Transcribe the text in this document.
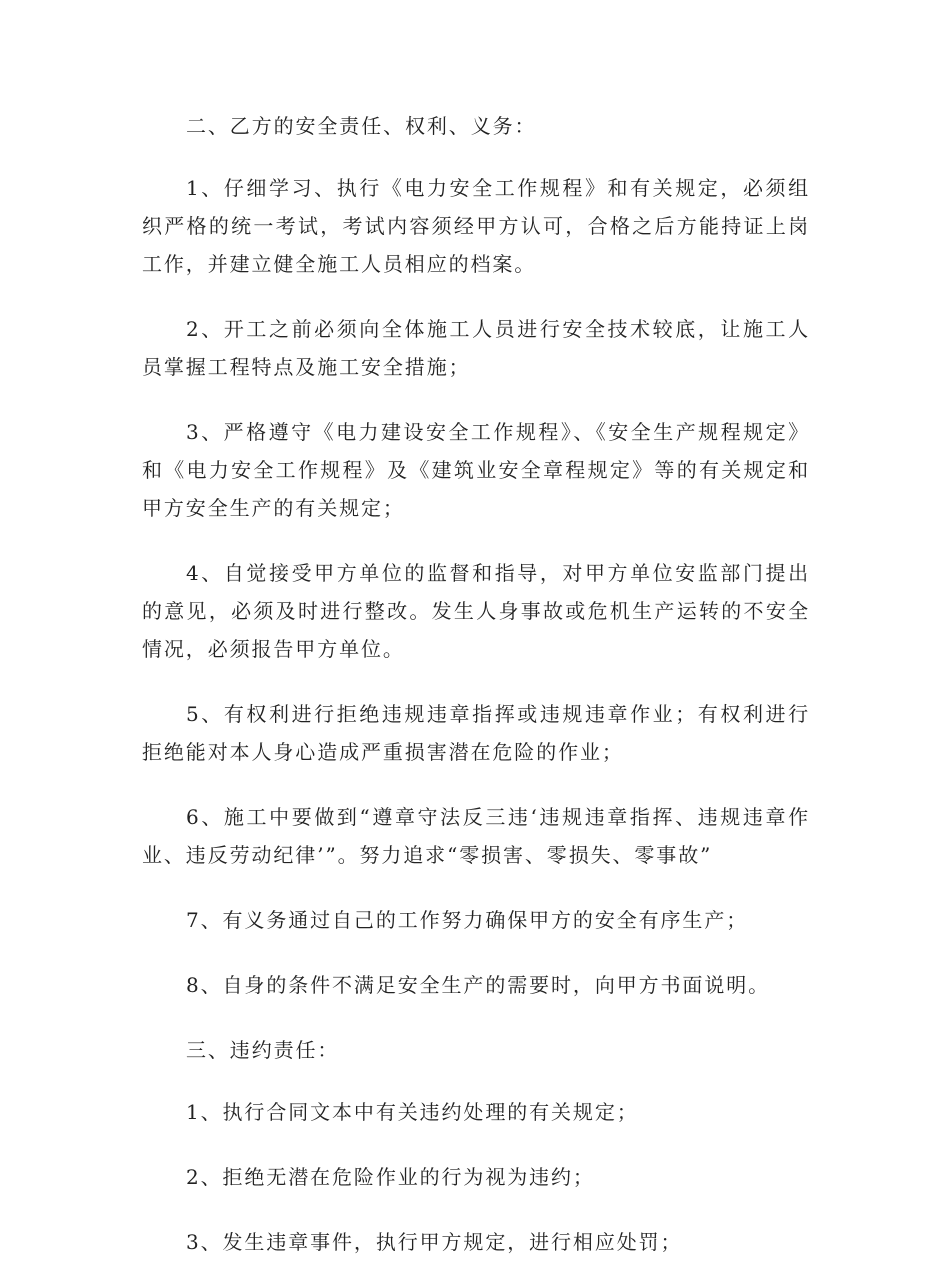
二、乙方的安全责任、权利、义务：

1、仔细学习、执行《电力安全工作规程》和有关规定，必须组织严格的统一考试，考试内容须经甲方认可，合格之后方能持证上岗工作，并建立健全施工人员相应的档案。

2、开工之前必须向全体施工人员进行安全技术较底，让施工人员掌握工程特点及施工安全措施；

3、严格遵守《电力建设安全工作规程》、《安全生产规程规定》和《电力安全工作规程》及《建筑业安全章程规定》等的有关规定和甲方安全生产的有关规定；

4、自觉接受甲方单位的监督和指导，对甲方单位安监部门提出的意见，必须及时进行整改。发生人身事故或危机生产运转的不安全情况，必须报告甲方单位。

5、有权利进行拒绝违规违章指挥或违规违章作业；有权利进行拒绝能对本人身心造成严重损害潜在危险的作业；

6、施工中要做到“遵章守法反三违‘违规违章指挥、违规违章作业、违反劳动纪律’”。努力追求“零损害、零损失、零事故”

7、有义务通过自己的工作努力确保甲方的安全有序生产；

8、自身的条件不满足安全生产的需要时，向甲方书面说明。

三、违约责任：

1、执行合同文本中有关违约处理的有关规定；

2、拒绝无潜在危险作业的行为视为违约；

3、发生违章事件，执行甲方规定，进行相应处罚；
